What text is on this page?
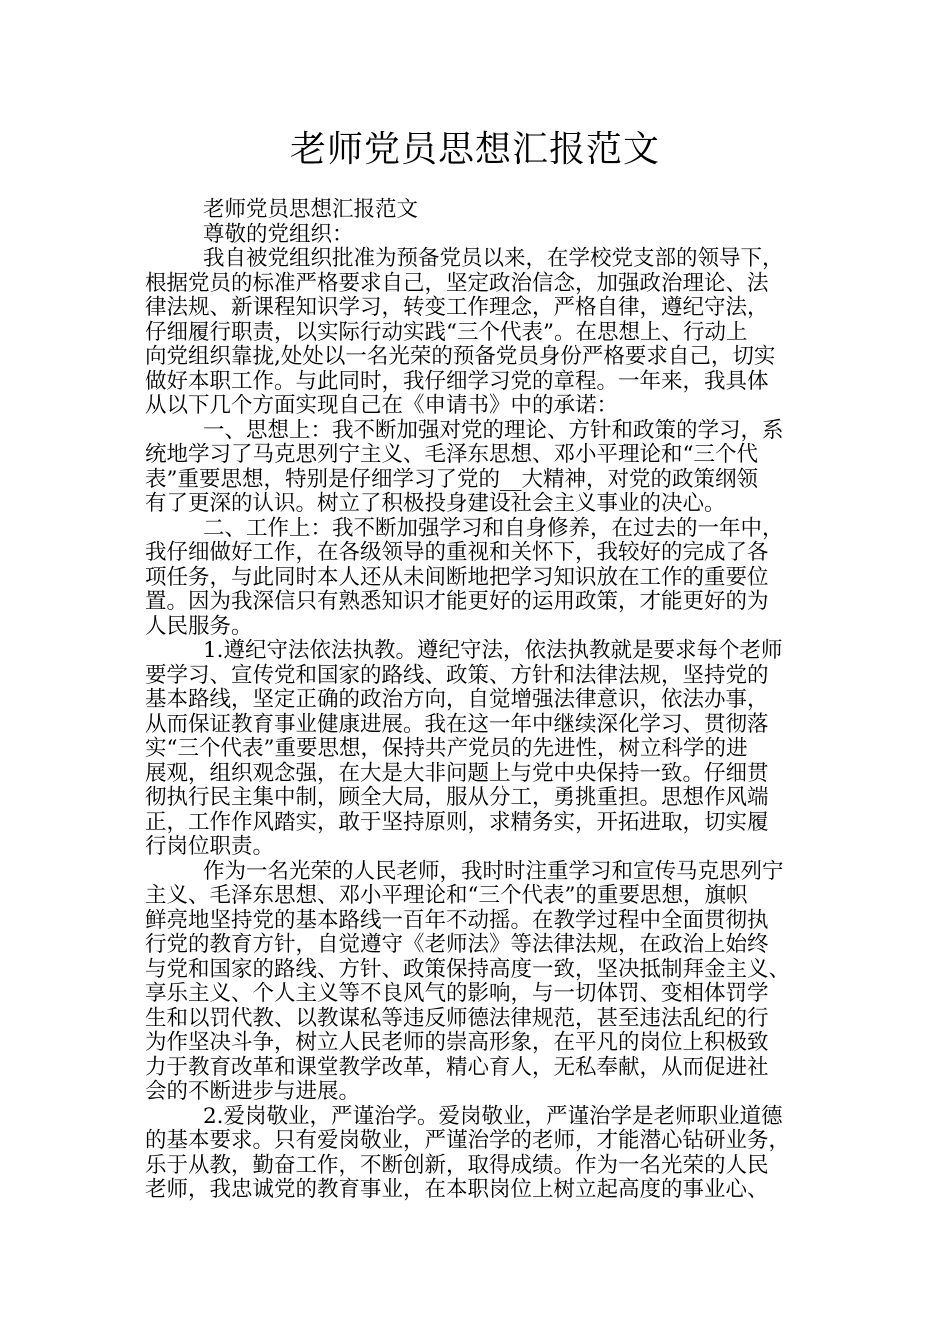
老师党员思想汇报范文
老师党员思想汇报范文
尊敬的党组织：
我自被党组织批准为预备党员以来，在学校党支部的领导下，
根据党员的标准严格要求自己，坚定政治信念，加强政治理论、法
律法规、新课程知识学习，转变工作理念，严格自律，遵纪守法，
仔细履行职责，以实际行动实践“三个代表”。在思想上、行动上
向党组织靠拢,处处以一名光荣的预备党员身份严格要求自己，切实
做好本职工作。与此同时，我仔细学习党的章程。一年来，我具体
从以下几个方面实现自己在《申请书》中的承诺：
一、思想上：我不断加强对党的理论、方针和政策的学习，系
统地学习了马克思列宁主义、毛泽东思想、邓小平理论和“三个代
表”重要思想，特别是仔细学习了党的__大精神，对党的政策纲领
有了更深的认识。树立了积极投身建设社会主义事业的决心。
二、工作上：我不断加强学习和自身修养，在过去的一年中，
我仔细做好工作，在各级领导的重视和关怀下，我较好的完成了各
项任务，与此同时本人还从未间断地把学习知识放在工作的重要位
置。因为我深信只有熟悉知识才能更好的运用政策，才能更好的为
人民服务。
1.遵纪守法依法执教。遵纪守法，依法执教就是要求每个老师
要学习、宣传党和国家的路线、政策、方针和法律法规，坚持党的
基本路线，坚定正确的政治方向，自觉增强法律意识，依法办事，
从而保证教育事业健康进展。我在这一年中继续深化学习、贯彻落
实“三个代表”重要思想，保持共产党员的先进性，树立科学的进
展观，组织观念强，在大是大非问题上与党中央保持一致。仔细贯
彻执行民主集中制，顾全大局，服从分工，勇挑重担。思想作风端
正，工作作风踏实，敢于坚持原则，求精务实，开拓进取，切实履
行岗位职责。
作为一名光荣的人民老师，我时时注重学习和宣传马克思列宁
主义、毛泽东思想、邓小平理论和“三个代表”的重要思想，旗帜
鲜亮地坚持党的基本路线一百年不动摇。在教学过程中全面贯彻执
行党的教育方针，自觉遵守《老师法》等法律法规，在政治上始终
与党和国家的路线、方针、政策保持高度一致，坚决抵制拜金主义、
享乐主义、个人主义等不良风气的影响，与一切体罚、变相体罚学
生和以罚代教、以教谋私等违反师德法律规范，甚至违法乱纪的行
为作坚决斗争，树立人民老师的崇高形象，在平凡的岗位上积极致
力于教育改革和课堂教学改革，精心育人，无私奉献，从而促进社
会的不断进步与进展。
2.爱岗敬业，严谨治学。爱岗敬业，严谨治学是老师职业道德
的基本要求。只有爱岗敬业，严谨治学的老师，才能潜心钻研业务，
乐于从教，勤奋工作，不断创新，取得成绩。作为一名光荣的人民
老师，我忠诚党的教育事业，在本职岗位上树立起高度的事业心、
